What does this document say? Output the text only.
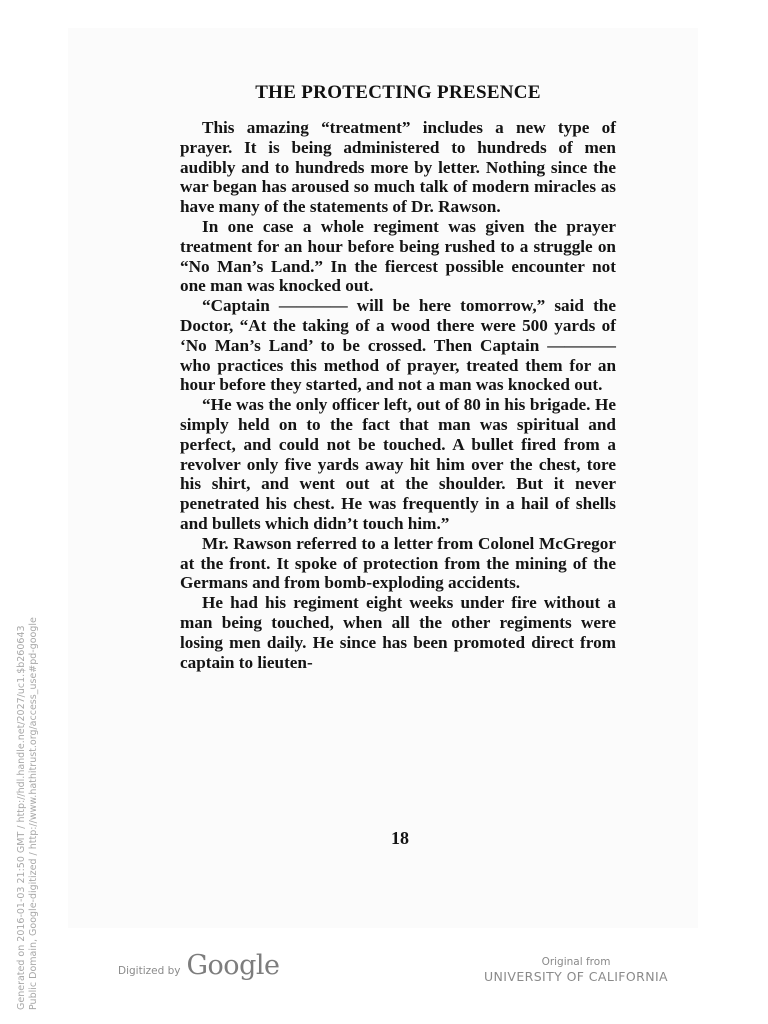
THE PROTECTING PRESENCE

This amazing “treatment” includes a new type of prayer. It is being administered to hundreds of men audibly and to hundreds more by letter. Nothing since the war began has aroused so much talk of modern miracles as have many of the statements of Dr. Rawson.

In one case a whole regiment was given the prayer treatment for an hour before being rushed to a struggle on “No Man’s Land.” In the fiercest possible encounter not one man was knocked out.

“Captain ———— will be here tomorrow,” said the Doctor, “At the taking of a wood there were 500 yards of ‘No Man’s Land’ to be crossed. Then Captain ———— who practices this method of prayer, treated them for an hour before they started, and not a man was knocked out.

“He was the only officer left, out of 80 in his brigade. He simply held on to the fact that man was spiritual and perfect, and could not be touched. A bullet fired from a revolver only five yards away hit him over the chest, tore his shirt, and went out at the shoulder. But it never penetrated his chest. He was frequently in a hail of shells and bullets which didn’t touch him.”

Mr. Rawson referred to a letter from Colonel McGregor at the front. It spoke of protection from the mining of the Germans and from bomb-exploding accidents.

He had his regiment eight weeks under fire without a man being touched, when all the other regiments were losing men daily. He since has been promoted direct from captain to lieuten-

18
Generated on 2016-01-03 21:50 GMT / http://hdl.handle.net/2027/uc1.$b260643 Public Domain, Google-digitized / http://www.hathitrust.org/access_use#pd-google	Digitized by Google	Original from
UNIVERSITY OF CALIFORNIA
